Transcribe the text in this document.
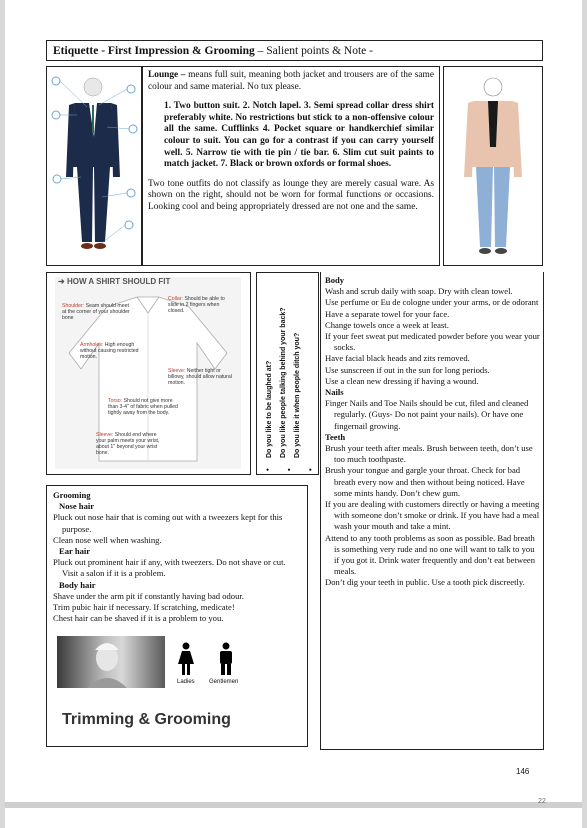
Etiquette - First Impression & Grooming – Salient points & Note -

Lounge – means full suit, meaning both jacket and trousers are of the same colour and same material. No tux please.

1. Two button suit. 2. Notch lapel. 3. Semi spread collar dress shirt preferably white. No restrictions but stick to a non-offensive colour all the same. Cufflinks 4. Pocket square or handkerchief similar colour to suit. You can go for a contrast if you can carry yourself well. 5. Narrow tie with tie pin / tie bar. 6. Slim cut suit paints to match jacket. 7. Black or brown oxfords or formal shoes.

Two tone outfits do not classify as lounge they are merely casual ware. As shown on the right, should not be worn for formal functions or occasions. Looking cool and being appropriately dressed are not one and the same.

➜ HOW A SHIRT SHOULD FIT
Shoulder: Seam should meet at the corner of your shoulder bone
Collar: Should be able to slide in 2 fingers when closed.
Armholes: High enough without causing restricted motion.
Sleeve: Neither tight or billowy, should allow natural motion.
Torso: Should not give more than 3-4" of fabric when pulled tightly away from the body.
Sleeve: Should end where your palm meets your wrist, about 1" beyond your wrist bone.	Do you like to be laughed at? Do you like people talking behind your back? Do you like it when people ditch you?
• • •

Body

Wash and scrub daily with soap. Dry with clean towel.

Use perfume or Eu de cologne under your arms, or de odorant

Have a separate towel for your face.

Change towels once a week at least.

If your feet sweat put medicated powder before you wear your socks.

Have facial black heads and zits removed.

Use sunscreen if out in the sun for long periods.

Use a clean new dressing if having a wound.

Nails

Finger Nails and Toe Nails should be cut, filed and cleaned regularly. (Guys- Do not paint your nails). Or have one fingernail growing.

Teeth

Brush your teeth after meals. Brush between teeth, don’t use too much toothpaste.

Brush your tongue and gargle your throat. Check for bad breath every now and then without being noticed. Have some mints handy. Don’t chew gum.

If you are dealing with customers directly or having a meeting with someone don’t smoke or drink. If you have had a meal wash your mouth and take a mint.

Attend to any tooth problems as soon as possible. Bad breath is something very rude and no one will want to talk to you if you got it. Drink water frequently and don’t eat between meals.

Don’t dig your teeth in public. Use a tooth pick discreetly.

Grooming

Nose hair

Pluck out nose hair that is coming out with a tweezers kept for this purpose.

Clean nose well when washing.

Ear hair

Pluck out prominent hair if any, with tweezers. Do not shave or cut. Visit a salon if it is a problem.

Body hair

Shave under the arm pit if constantly having bad odour.

Trim pubic hair if necessary. If scratching, medicate!

Chest hair can be shaved if it is a problem to you.

Ladies Gentlemen
Trimming & Grooming
146
22
